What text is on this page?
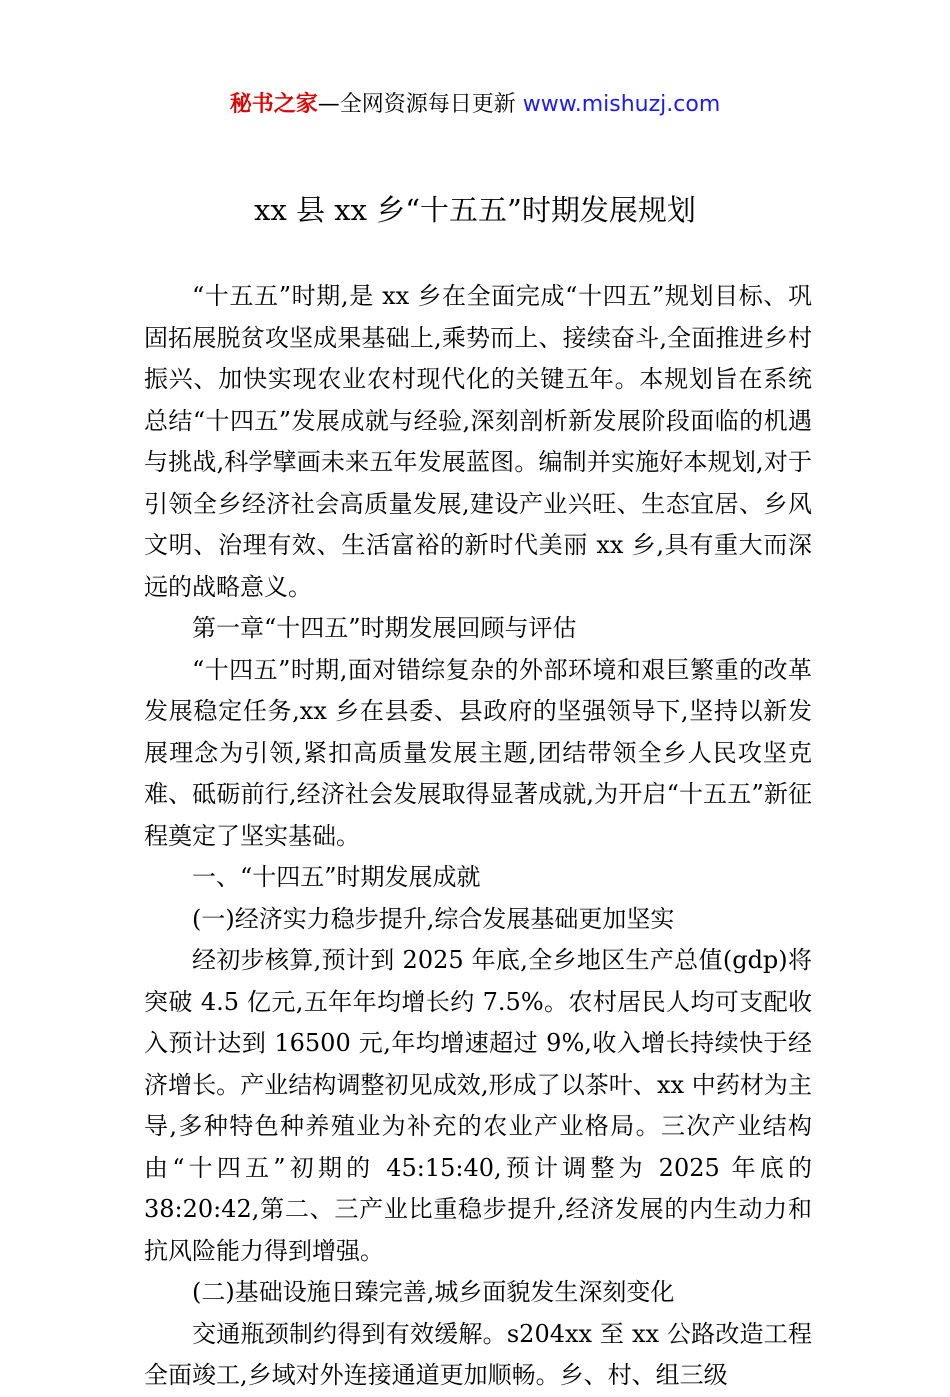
秘书之家—全网资源每日更新 www.mishuzj.com
xx 县 xx 乡“十五五”时期发展规划

“十五五”时期,是 xx 乡在全面完成“十四五”规划目标、巩固拓展脱贫攻坚成果基础上,乘势而上、接续奋斗,全面推进乡村振兴、加快实现农业农村现代化的关键五年。本规划旨在系统总结“十四五”发展成就与经验,深刻剖析新发展阶段面临的机遇与挑战,科学擘画未来五年发展蓝图。编制并实施好本规划,对于引领全乡经济社会高质量发展,建设产业兴旺、生态宜居、乡风文明、治理有效、生活富裕的新时代美丽 xx 乡,具有重大而深远的战略意义。

第一章“十四五”时期发展回顾与评估

“十四五”时期,面对错综复杂的外部环境和艰巨繁重的改革发展稳定任务,xx 乡在县委、县政府的坚强领导下,坚持以新发展理念为引领,紧扣高质量发展主题,团结带领全乡人民攻坚克难、砥砺前行,经济社会发展取得显著成就,为开启“十五五”新征程奠定了坚实基础。

一、“十四五”时期发展成就

(一)经济实力稳步提升,综合发展基础更加坚实

经初步核算,预计到 2025 年底,全乡地区生产总值(gdp)将突破 4.5 亿元,五年年均增长约 7.5%。农村居民人均可支配收入预计达到 16500 元,年均增速超过 9%,收入增长持续快于经济增长。产业结构调整初见成效,形成了以茶叶、xx 中药材为主导,多种特色种养殖业为补充的农业产业格局。三次产业结构由“十四五”初期的 45:15:40,预计调整为 2025 年底的 38:20:42,第二、三产业比重稳步提升,经济发展的内生动力和抗风险能力得到增强。

(二)基础设施日臻完善,城乡面貌发生深刻变化

交通瓶颈制约得到有效缓解。s204xx 至 xx 公路改造工程全面竣工,乡域对外连接通道更加顺畅。乡、村、组三级
